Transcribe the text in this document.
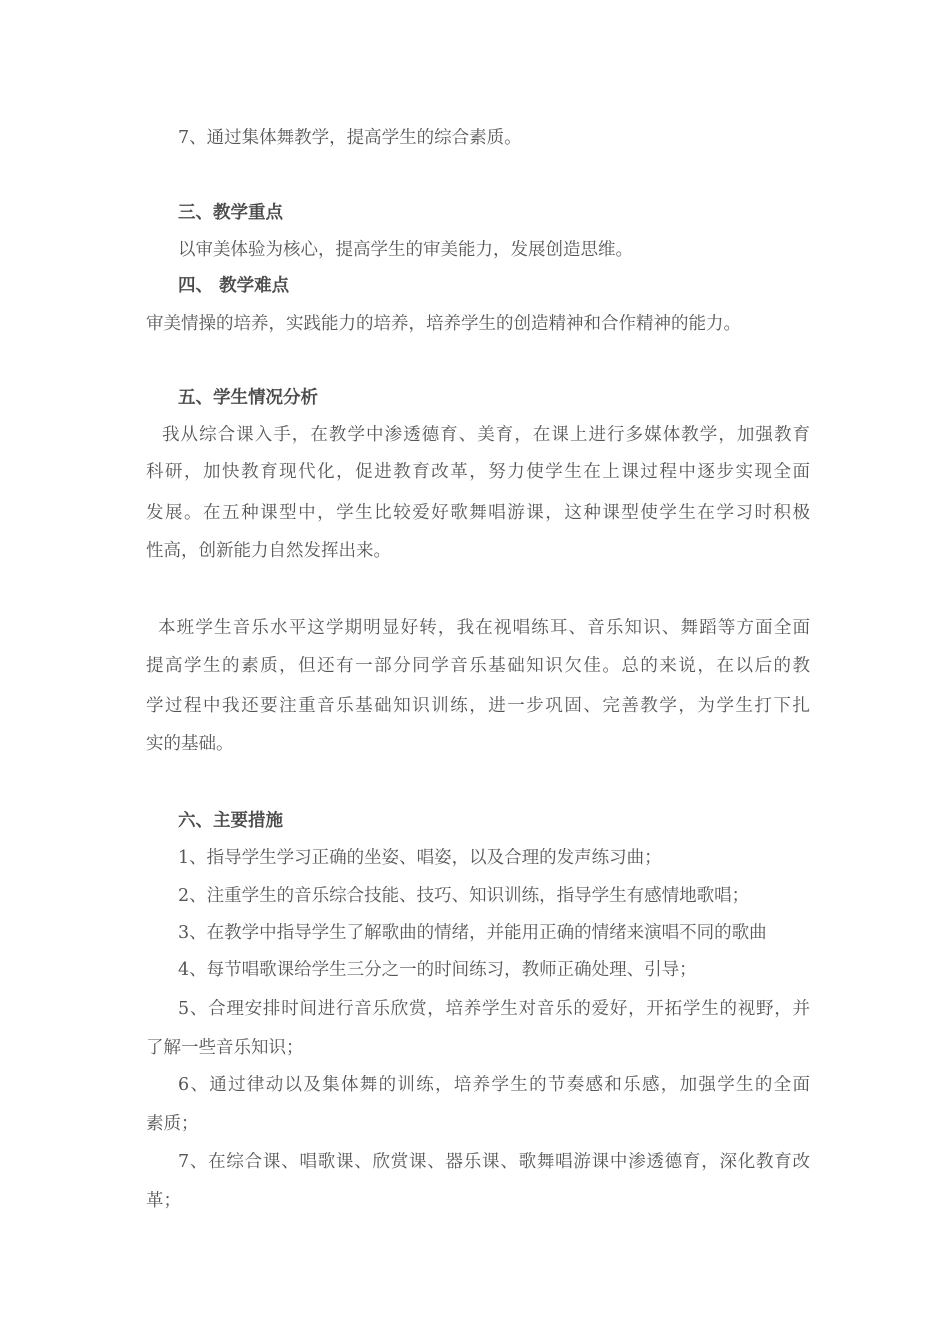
7、通过集体舞教学，提高学生的综合素质。
三、教学重点
以审美体验为核心，提高学生的审美能力，发展创造思维。
四、 教学难点
审美情操的培养，实践能力的培养，培养学生的创造精神和合作精神的能力。
五、学生情况分析
我从综合课入手，在教学中渗透德育、美育，在课上进行多媒体教学，加强教育
科研，加快教育现代化，促进教育改革，努力使学生在上课过程中逐步实现全面
发展。在五种课型中，学生比较爱好歌舞唱游课，这种课型使学生在学习时积极
性高，创新能力自然发挥出来。
本班学生音乐水平这学期明显好转，我在视唱练耳、音乐知识、舞蹈等方面全面
提高学生的素质，但还有一部分同学音乐基础知识欠佳。总的来说，在以后的教
学过程中我还要注重音乐基础知识训练，进一步巩固、完善教学，为学生打下扎
实的基础。
六、主要措施
1、指导学生学习正确的坐姿、唱姿，以及合理的发声练习曲；
2、注重学生的音乐综合技能、技巧、知识训练，指导学生有感情地歌唱；
3、在教学中指导学生了解歌曲的情绪，并能用正确的情绪来演唱不同的歌曲
4、每节唱歌课给学生三分之一的时间练习，教师正确处理、引导；
5、合理安排时间进行音乐欣赏，培养学生对音乐的爱好，开拓学生的视野，并
了解一些音乐知识；
6、通过律动以及集体舞的训练，培养学生的节奏感和乐感，加强学生的全面
素质；
7、在综合课、唱歌课、欣赏课、器乐课、歌舞唱游课中渗透德育，深化教育改
革；
